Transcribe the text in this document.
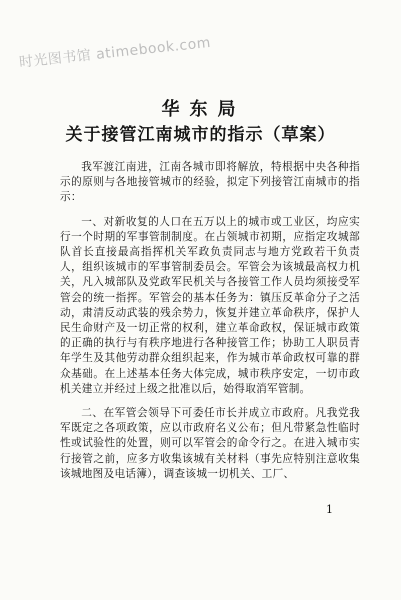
时光图书馆 atimebook.com
华东局
关于接管江南城市的指示（草案）

我军渡江南进，江南各城市即将解放，特根据中央各种指示的原则与各地接管城市的经验，拟定下列接管江南城市的指示：

一、对新收复的人口在五万以上的城市或工业区，均应实行一个时期的军事管制制度。在占领城市初期，应指定攻城部队首长直接最高指挥机关军政负责同志与地方党政若干负责人，组织该城市的军事管制委员会。军管会为该城最高权力机关，凡入城部队及党政军民机关与各接管工作人员均须接受军管会的统一指挥。军管会的基本任务为：镇压反革命分子之活动，肃清反动武装的残余势力，恢复并建立革命秩序，保护人民生命财产及一切正常的权利，建立革命政权，保证城市政策的正确的执行与有秩序地进行各种接管工作；协助工人职员青年学生及其他劳动群众组织起来，作为城市革命政权可靠的群众基础。在上述基本任务大体完成，城市秩序安定，一切市政机关建立并经过上级之批准以后，始得取消军管制。

二、在军管会领导下可委任市长并成立市政府。凡我党我军既定之各项政策，应以市政府名义公布；但凡带紧急性临时性或试验性的处置，则可以军管会的命令行之。在进入城市实行接管之前，应多方收集该城有关材料（事先应特别注意收集该城地图及电话簿），调查该城一切机关、工厂、

1
